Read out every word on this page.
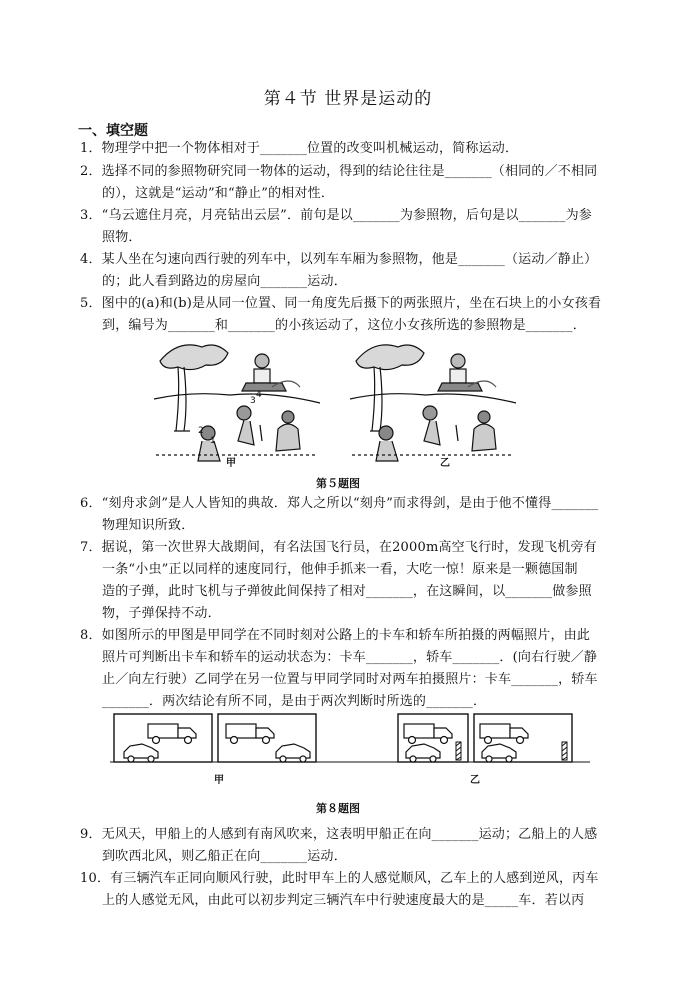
第４节 世界是运动的
一、填空题
1．物理学中把一个物体相对于_______位置的改变叫机械运动，简称运动．
2．选择不同的参照物研究同一物体的运动，得到的结论往往是_______（相同的／不相同
的），这就是“运动”和“静止”的相对性．
3．“乌云遮住月亮，月亮钻出云层”．前句是以_______为参照物，后句是以_______为参
照物．
4．某人坐在匀速向西行驶的列车中，以列车车厢为参照物，他是_______（运动／静止）
的；此人看到路边的房屋向_______运动．
5．图中的(a)和(b)是从同一位置、同一角度先后摄下的两张照片，坐在石块上的小女孩看
到，编号为_______和_______的小孩运动了，这位小女孩所选的参照物是_______．
1
2
3
4
甲	乙
第５题图
6．“刻舟求剑”是人人皆知的典故．郑人之所以“刻舟”而求得剑，是由于他不懂得_______
物理知识所致．
7．据说，第一次世界大战期间，有名法国飞行员，在2000m高空飞行时，发现飞机旁有
一条“小虫”正以同样的速度同行，他伸手抓来一看，大吃一惊！原来是一颗德国制
造的子弹，此时飞机与子弹彼此间保持了相对_______，在这瞬间，以_______做参照
物，子弹保持不动．
8．如图所示的甲图是甲同学在不同时刻对公路上的卡车和轿车所拍摄的两幅照片，由此
照片可判断出卡车和轿车的运动状态为：卡车_______，轿车_______．(向右行驶／静
止／向左行驶）乙同学在另一位置与甲同学同时对两车拍摄照片：卡车_______，轿车
_______．两次结论有所不同，是由于两次判断时所选的_______．
甲	乙
第８题图
9．无风天，甲船上的人感到有南风吹来，这表明甲船正在向_______运动；乙船上的人感
到吹西北风，则乙船正在向_______运动．
10．有三辆汽车正同向顺风行驶，此时甲车上的人感觉顺风，乙车上的人感到逆风，丙车
上的人感觉无风，由此可以初步判定三辆汽车中行驶速度最大的是_____车．若以丙
